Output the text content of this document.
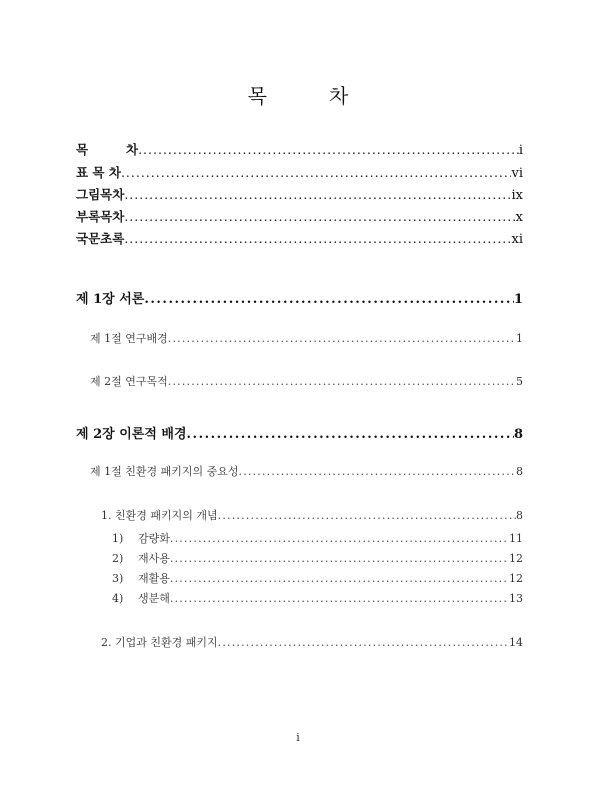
목	차
목	차 .....	i
표 목 차 .....	vi
그림목차 .....	ix
부록목차 .....	x
국문초록 .....	xi
제 1장 서론 .....	1
제 1절 연구배경 .....	1
제 2절 연구목적 .....	5
제 2장 이론적 배경 .....	8
제 1절 친환경 패키지의 중요성 .....	8
1. 친환경 패키지의 개념 .....	8
1) 감량화 .....	11
2) 재사용 .....	12
3) 재활용 .....	12
4) 생분해 .....	13
2. 기업과 친환경 패키지 .....	14
i
